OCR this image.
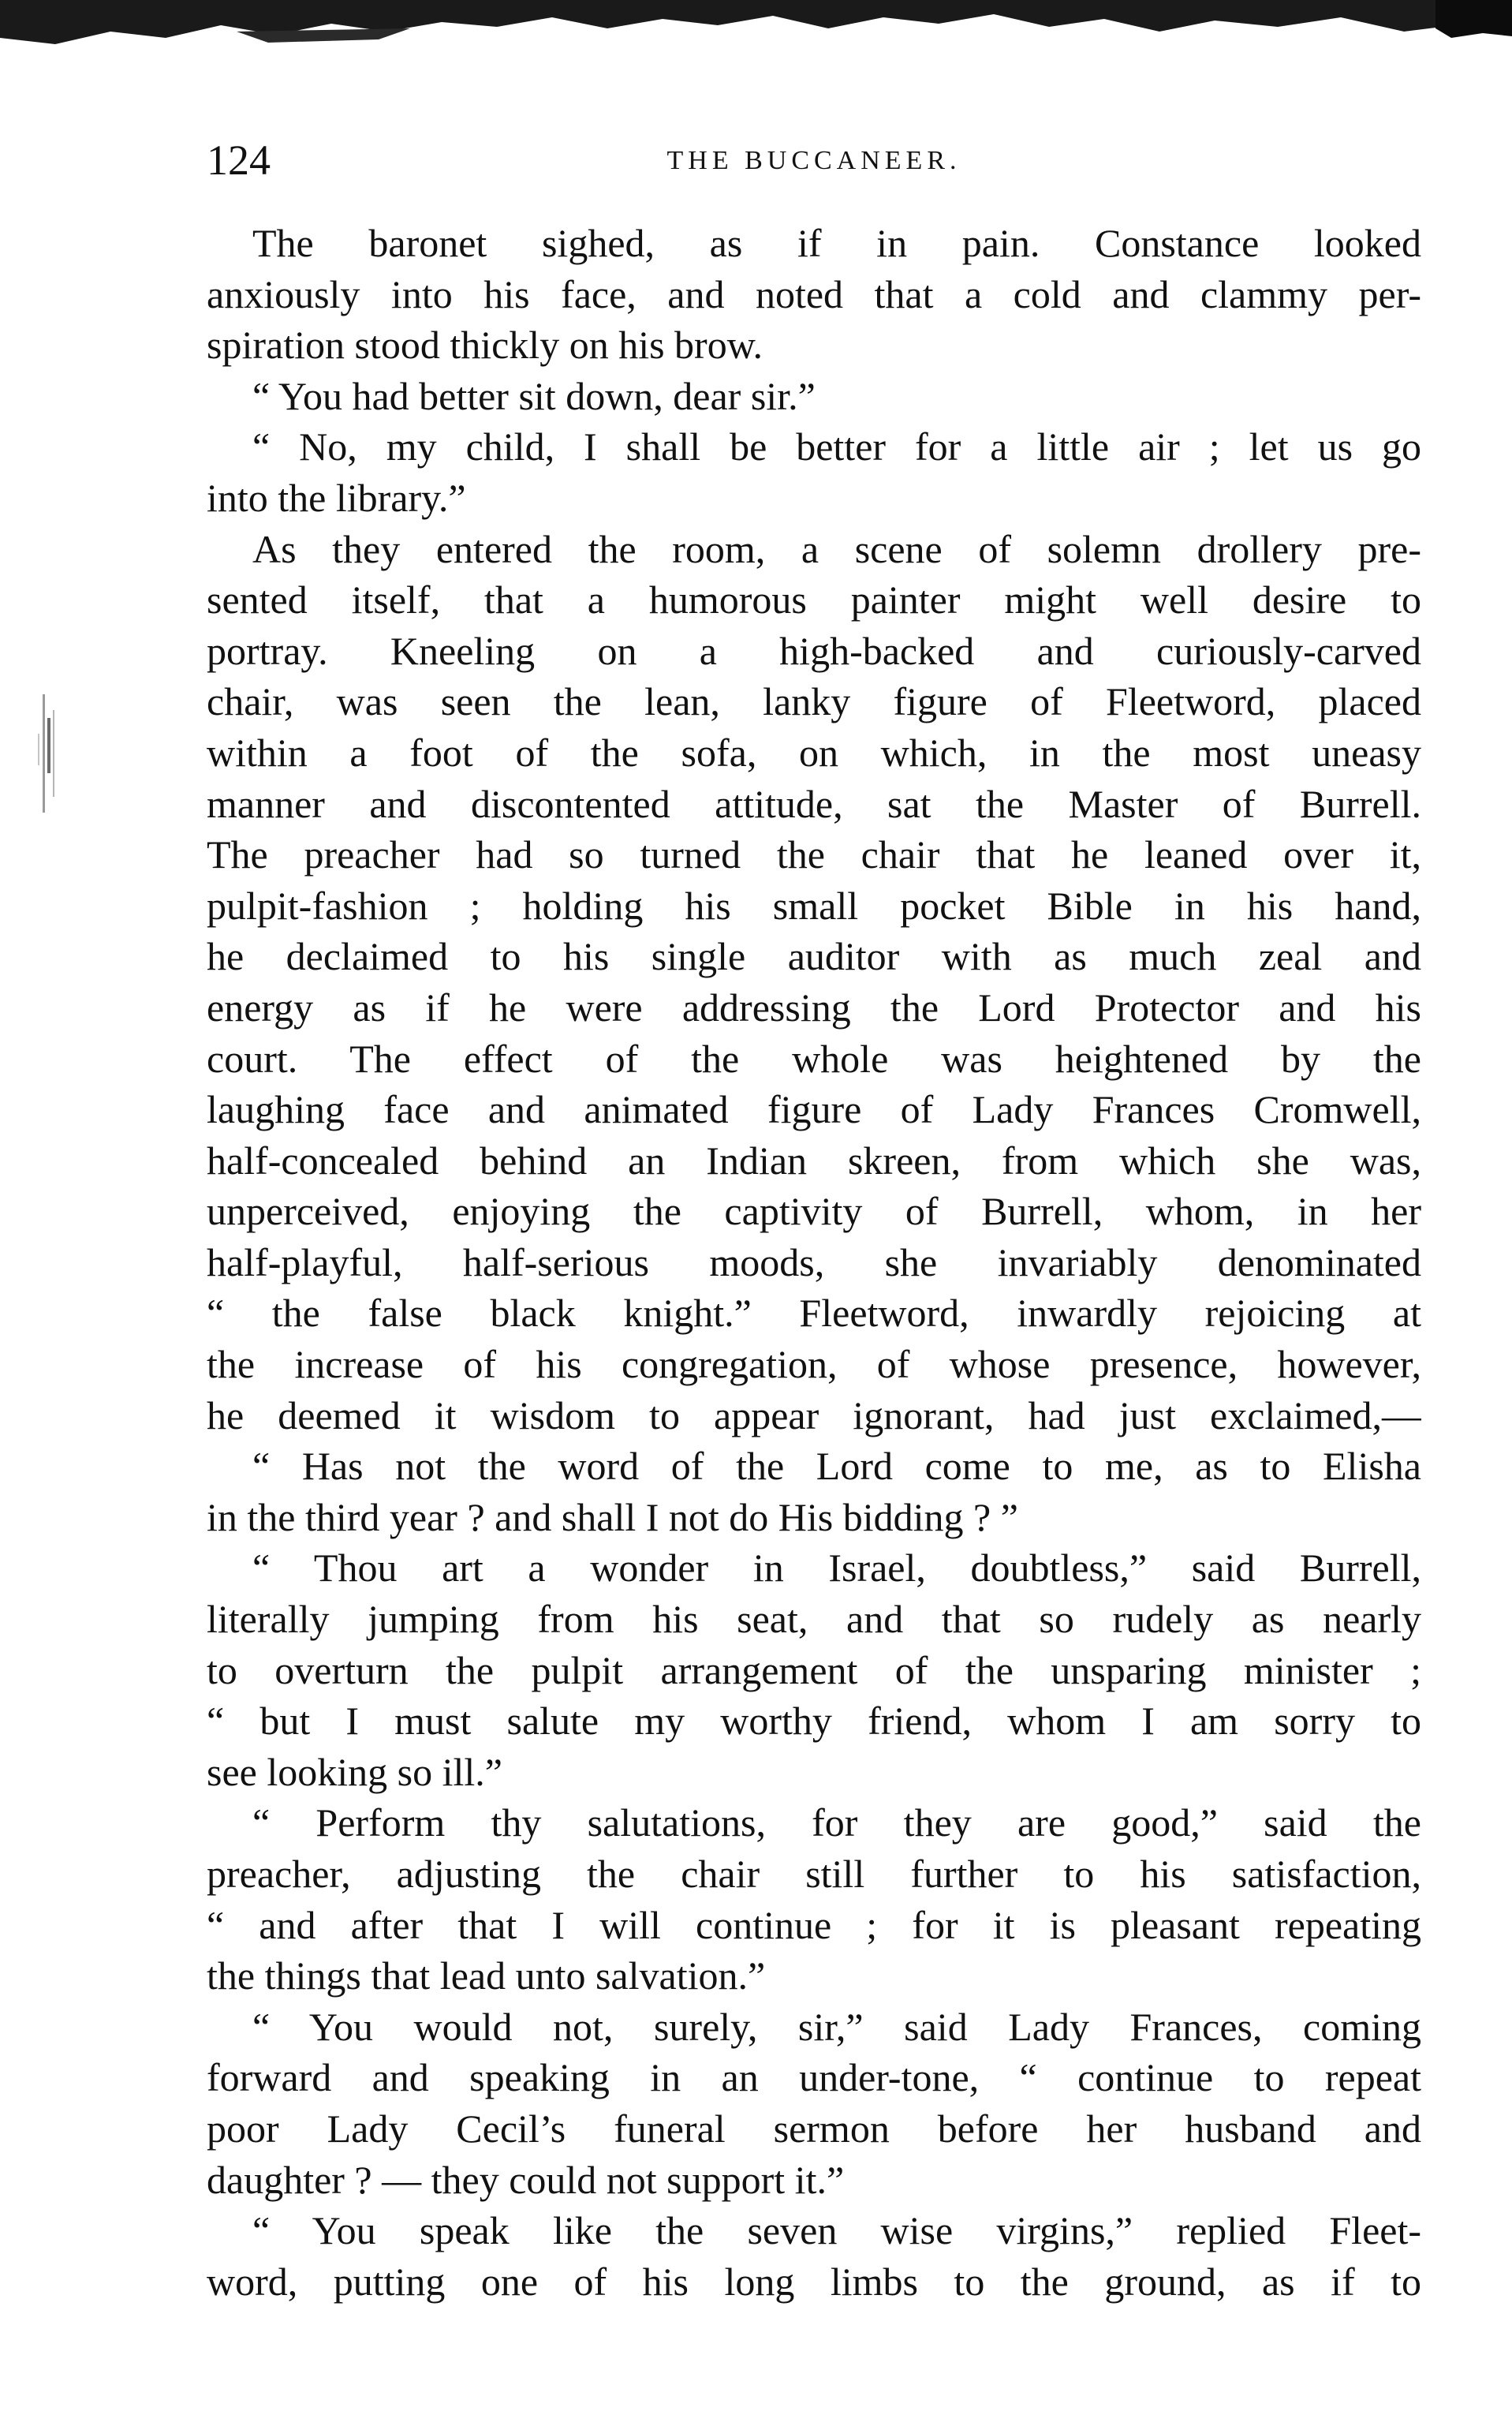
124	THE BUCCANEER.
The baronet sighed, as if in pain. Constance looked
anxiously into his face, and noted that a cold and clammy per-
spiration stood thickly on his brow.
“ You had better sit down, dear sir.”
“ No, my child, I shall be better for a little air ; let us go
into the library.”
As they entered the room, a scene of solemn drollery pre-
sented itself, that a humorous painter might well desire to
portray. Kneeling on a high-backed and curiously-carved
chair, was seen the lean, lanky figure of Fleetword, placed
within a foot of the sofa, on which, in the most uneasy
manner and discontented attitude, sat the Master of Burrell.
The preacher had so turned the chair that he leaned over it,
pulpit-fashion ; holding his small pocket Bible in his hand,
he declaimed to his single auditor with as much zeal and
energy as if he were addressing the Lord Protector and his
court. The effect of the whole was heightened by the
laughing face and animated figure of Lady Frances Cromwell,
half-concealed behind an Indian skreen, from which she was,
unperceived, enjoying the captivity of Burrell, whom, in her
half-playful, half-serious moods, she invariably denominated
“ the false black knight.” Fleetword, inwardly rejoicing at
the increase of his congregation, of whose presence, however,
he deemed it wisdom to appear ignorant, had just exclaimed,—
“ Has not the word of the Lord come to me, as to Elisha
in the third year ? and shall I not do His bidding ? ”
“ Thou art a wonder in Israel, doubtless,” said Burrell,
literally jumping from his seat, and that so rudely as nearly
to overturn the pulpit arrangement of the unsparing minister ;
“ but I must salute my worthy friend, whom I am sorry to
see looking so ill.”
“ Perform thy salutations, for they are good,” said the
preacher, adjusting the chair still further to his satisfaction,
“ and after that I will continue ; for it is pleasant repeating
the things that lead unto salvation.”
“ You would not, surely, sir,” said Lady Frances, coming
forward and speaking in an under-tone, “ continue to repeat
poor Lady Cecil’s funeral sermon before her husband and
daughter ? — they could not support it.”
“ You speak like the seven wise virgins,” replied Fleet-
word, putting one of his long limbs to the ground, as if to
